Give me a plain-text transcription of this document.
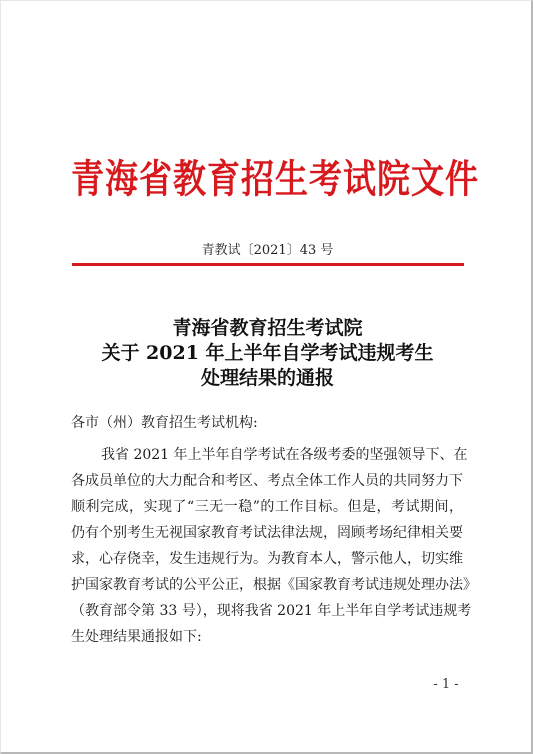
青海省教育招生考试院文件
青教试〔2021〕43 号
青海省教育招生考试院
关于 2021 年上半年自学考试违规考生
处理结果的通报
各市（州）教育招生考试机构:
我省 2021 年上半年自学考试在各级考委的坚强领导下、在
各成员单位的大力配合和考区、考点全体工作人员的共同努力下
顺利完成，实现了“三无一稳”的工作目标。但是，考试期间，
仍有个别考生无视国家教育考试法律法规，罔顾考场纪律相关要
求，心存侥幸，发生违规行为。为教育本人，警示他人，切实维
护国家教育考试的公平公正，根据《国家教育考试违规处理办法》
（教育部令第 33 号），现将我省 2021 年上半年自学考试违规考
生处理结果通报如下:
- 1 -
